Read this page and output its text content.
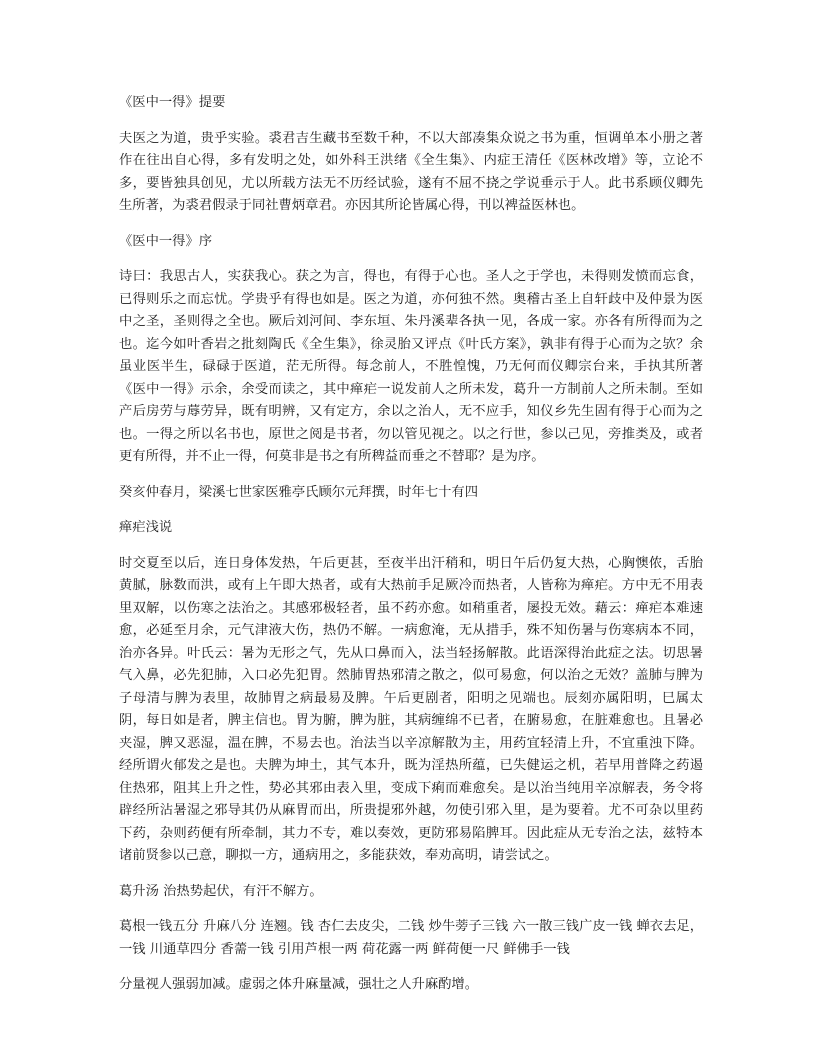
《医中一得》提要

夫医之为道，贵乎实验。裘君吉生藏书至数千种，不以大部凑集众说之书为重，恒调单本小册之著作在往出自心得，多有发明之处，如外科王洪绪《全生集》、内症王清任《医林改增》等，立论不多，要皆独具创见，尤以所载方法无不历经试验，遂有不屈不挠之学说垂示于人。此书系顾仪卿先生所著，为裘君假录于同社曹炳章君。亦因其所论皆属心得，刊以裨益医林也。

《医中一得》序

诗曰：我思古人，实获我心。获之为言，得也，有得于心也。圣人之于学也，未得则发愤而忘食，已得则乐之而忘忧。学贵乎有得也如是。医之为道，亦何独不然。奥稽古圣上自轩歧中及仲景为医中之圣，圣则得之全也。厥后刘河间、李东垣、朱丹溪辈各执一见，各成一家。亦各有所得而为之也。迄今如叶香岩之批刻陶氏《全生集》，徐灵胎又评点《叶氏方案》，孰非有得于心而为之欤？余虽业医半生，碌碌于医道，茫无所得。每念前人，不胜惶愧，乃无何而仪卿宗台来，手执其所著《医中一得》示余，余受而读之，其中瘅疟一说发前人之所未发，葛升一方制前人之所未制。至如产后房劳与蓐劳异，既有明辨，又有定方，余以之治人，无不应手，知仪乡先生固有得于心而为之也。一得之所以名书也，原世之阅是书者，勿以管见视之。以之行世，参以己见，旁推类及，或者更有所得，并不止一得，何莫非是书之有所稗益而垂之不替耶？是为序。

癸亥仲春月，梁溪七世家医雅亭氏顾尔元拜撰，时年七十有四

瘅疟浅说

时交夏至以后，连日身体发热，午后更甚，至夜半出汗稍和，明日午后仍复大热，心胸懊侬，舌胎黄腻，脉数而洪，或有上午即大热者，或有大热前手足厥冷而热者，人皆称为瘅疟。方中无不用表里双解，以伤寒之法治之。其感邪极轻者，虽不药亦愈。如稍重者，屡投无效。藉云：瘅疟本难速愈，必延至月余，元气津液大伤，热仍不解。一病愈淹，无从措手，殊不知伤暑与伤寒病本不同，治亦各异。叶氏云：暑为无形之气，先从口鼻而入，法当轻扬解散。此语深得治此症之法。切思暑气入鼻，必先犯肺，入口必先犯胃。然肺胃热邪清之散之，似可易愈，何以治之无效？盖肺与脾为子母清与脾为表里，故肺胃之病最易及脾。午后更剧者，阳明之见端也。辰刻亦属阳明，巳属太阴，每日如是者，脾主信也。胃为腑，脾为脏，其病缠绵不已者，在腑易愈，在脏难愈也。且暑必夹湿，脾又恶湿，温在脾，不易去也。治法当以辛凉解散为主，用药宜轻清上升，不宜重浊下降。经所谓火郁发之是也。夫脾为坤土，其气本升，既为淫热所蕴，已失健运之机，若早用普降之药遏住热邪，阻其上升之性，势必其邪由表入里，变成下痢而难愈矣。是以治当纯用辛凉解表，务令将辟经所沾暑湿之邪导其仍从麻胃而出，所贵提邪外越，勿使引邪入里，是为要着。尤不可杂以里药下药，杂则药便有所牵制，其力不专，难以奏效，更防邪易陷脾耳。因此症从无专治之法，兹特本诸前贤参以己意，聊拟一方，通病用之，多能获效，奉劝高明，请尝试之。

葛升汤 治热势起伏，有汗不解方。

葛根一钱五分 升麻八分 连翘。钱 杏仁去皮尖，二钱 炒牛蒡子三钱 六一散三钱广皮一钱 蝉衣去足，一钱 川通草四分 香薷一钱 引用芦根一两 荷花露一两 鲜荷便一尺 鲜佛手一钱

分量视人强弱加减。虚弱之体升麻量减，强壮之人升麻酌增。
